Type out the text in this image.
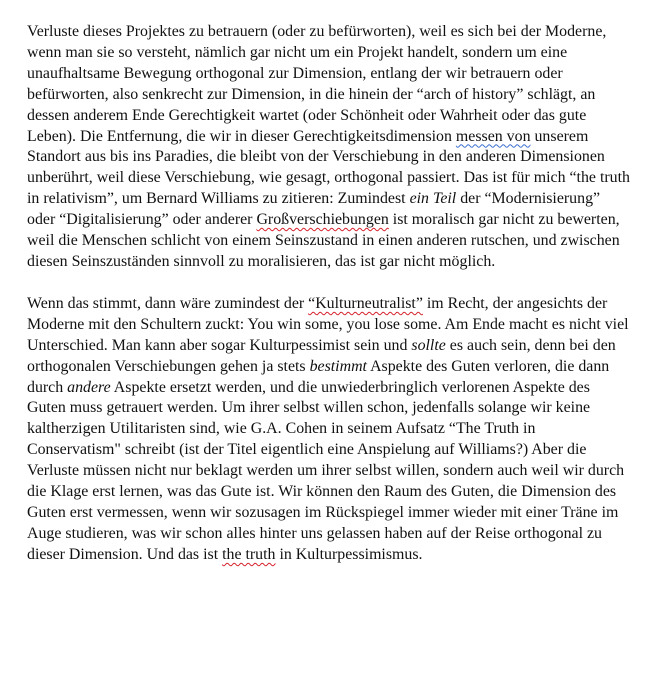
Verluste dieses Projektes zu betrauern (oder zu befürworten), weil es sich bei der Moderne, wenn man sie so versteht, nämlich gar nicht um ein Projekt handelt, sondern um eine unaufhaltsame Bewegung orthogonal zur Dimension, entlang der wir betrauern oder befürworten, also senkrecht zur Dimension, in die hinein der “arch of history” schlägt, an dessen anderem Ende Gerechtigkeit wartet (oder Schönheit oder Wahrheit oder das gute Leben). Die Entfernung, die wir in dieser Gerechtigkeitsdimension messen von unserem Standort aus bis ins Paradies, die bleibt von der Verschiebung in den anderen Dimensionen unberührt, weil diese Verschiebung, wie gesagt, orthogonal passiert. Das ist für mich “the truth in relativism”, um Bernard Williams zu zitieren: Zumindest ein Teil der “Modernisierung” oder “Digitalisierung” oder anderer Großverschiebungen ist moralisch gar nicht zu bewerten, weil die Menschen schlicht von einem Seinszustand in einen anderen rutschen, und zwischen diesen Seinszuständen sinnvoll zu moralisieren, das ist gar nicht möglich.

Wenn das stimmt, dann wäre zumindest der “Kulturneutralist” im Recht, der angesichts der Moderne mit den Schultern zuckt: You win some, you lose some. Am Ende macht es nicht viel Unterschied. Man kann aber sogar Kulturpessimist sein und sollte es auch sein, denn bei den orthogonalen Verschiebungen gehen ja stets bestimmt Aspekte des Guten verloren, die dann durch andere Aspekte ersetzt werden, und die unwiederbringlich verlorenen Aspekte des Guten muss getrauert werden. Um ihrer selbst willen schon, jedenfalls solange wir keine kaltherzigen Utilitaristen sind, wie G.A. Cohen in seinem Aufsatz “The Truth in Conservatism" schreibt (ist der Titel eigentlich eine Anspielung auf Williams?) Aber die Verluste müssen nicht nur beklagt werden um ihrer selbst willen, sondern auch weil wir durch die Klage erst lernen, was das Gute ist. Wir können den Raum des Guten, die Dimension des Guten erst vermessen, wenn wir sozusagen im Rückspiegel immer wieder mit einer Träne im Auge studieren, was wir schon alles hinter uns gelassen haben auf der Reise orthogonal zu dieser Dimension. Und das ist the truth in Kulturpessimismus.
